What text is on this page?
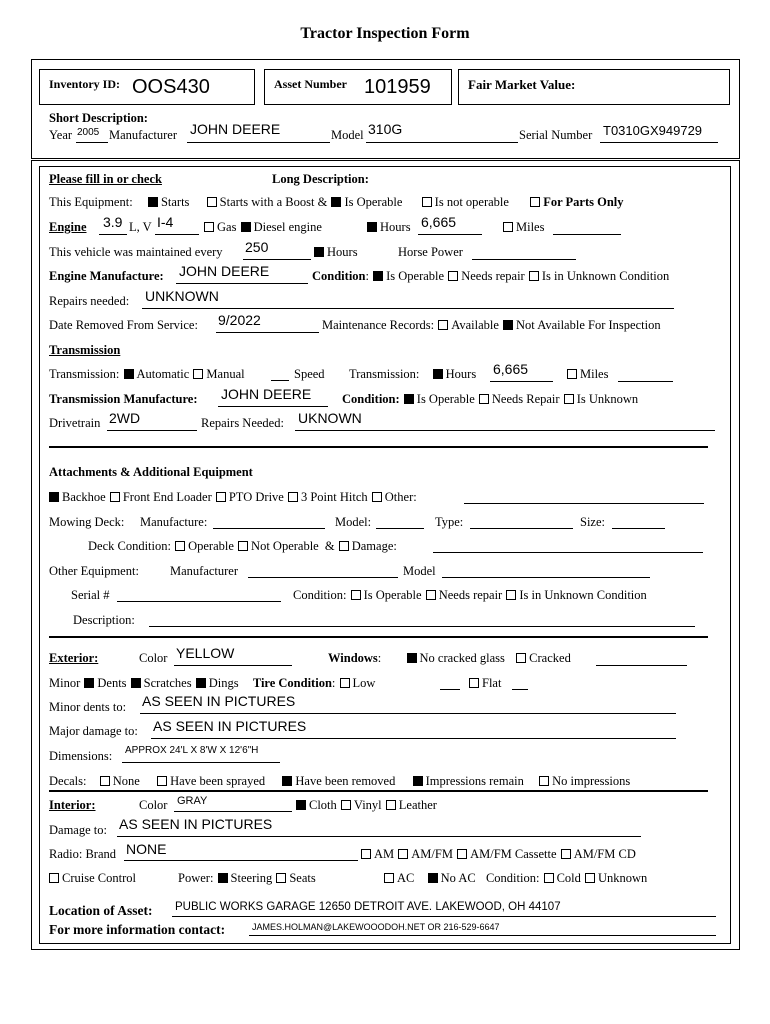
Tractor Inspection Form
Inventory ID: OOS430	Asset Number 101959	Fair Market Value:
Short Description:
Year 2005 Manufacturer JOHN DEERE	Model 310G	Serial Number T0310GX949729
Please fill in or check	Long Description:
This Equipment: Starts Starts with a Boost & Is Operable	Is not operable	For Parts Only
Engine 3.9 L, V I-4	Gas Diesel engine	Hours 6,665	Miles
This vehicle was maintained every 250	Hours	Horse Power
Engine Manufacture: JOHN DEERE	Condition: Is Operable Needs repair Is in Unknown Condition
Repairs needed: UNKNOWN
Date Removed From Service: 9/2022	Maintenance Records: Available Not Available For Inspection
Transmission
Transmission: Automatic Manual	Speed Transmission: Hours 6,665	Miles
Transmission Manufacture: JOHN DEERE Condition: Is Operable Needs Repair Is Unknown
Drivetrain 2WD	Repairs Needed: UKNOWN
Attachments & Additional Equipment
Backhoe Front End Loader PTO Drive 3 Point Hitch Other:
Mowing Deck: Manufacture:	Model:	Type:	Size:
Deck Condition: Operable Not Operable & Damage:
Other Equipment: Manufacturer	Model
Serial #	Condition: Is Operable Needs repair Is in Unknown Condition
Description:
Exterior:	Color YELLOW	Windows:	No cracked glass Cracked
Minor Dents Scratches Dings Tire Condition: Low	Flat
Minor dents to: AS SEEN IN PICTURES
Major damage to: AS SEEN IN PICTURES
Dimensions: APPROX 24'L X 8'W X 12'6"H
Decals: None Have been sprayed Have been removed Impressions remain No impressions
Interior:	Color GRAY	Cloth Vinyl Leather
Damage to: AS SEEN IN PICTURES
Radio: Brand NONE	AM AM/FM AM/FM Cassette AM/FM CD
Cruise Control	Power: Steering Seats	AC No AC Condition: Cold Unknown
Location of Asset: PUBLIC WORKS GARAGE 12650 DETROIT AVE. LAKEWOOD, OH 44107
For more information contact:	JAMES.HOLMAN@LAKEWOOODOH.NET OR 216-529-6647
